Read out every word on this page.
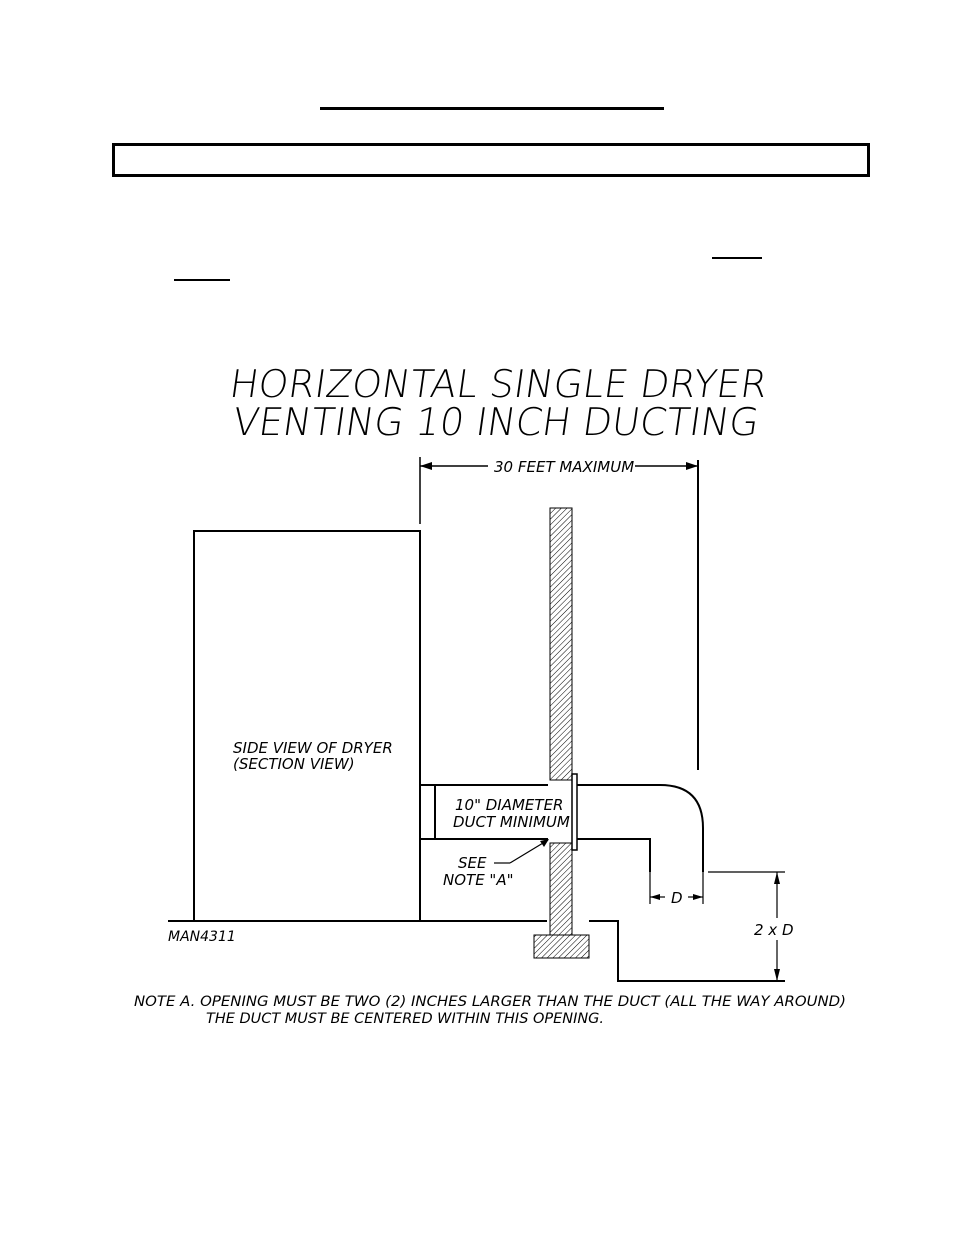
HORIZONTAL SINGLE DRYER
VENTING 10 INCH DUCTING
30 FEET MAXIMUM
SIDE VIEW OF DRYER
(SECTION VIEW)
MAN4311
10" DIAMETER
DUCT MINIMUM
SEE
NOTE "A"
D
2 x D
NOTE A. OPENING MUST BE TWO (2) INCHES LARGER THAN THE DUCT (ALL THE WAY AROUND)
THE DUCT MUST BE CENTERED WITHIN THIS OPENING.
